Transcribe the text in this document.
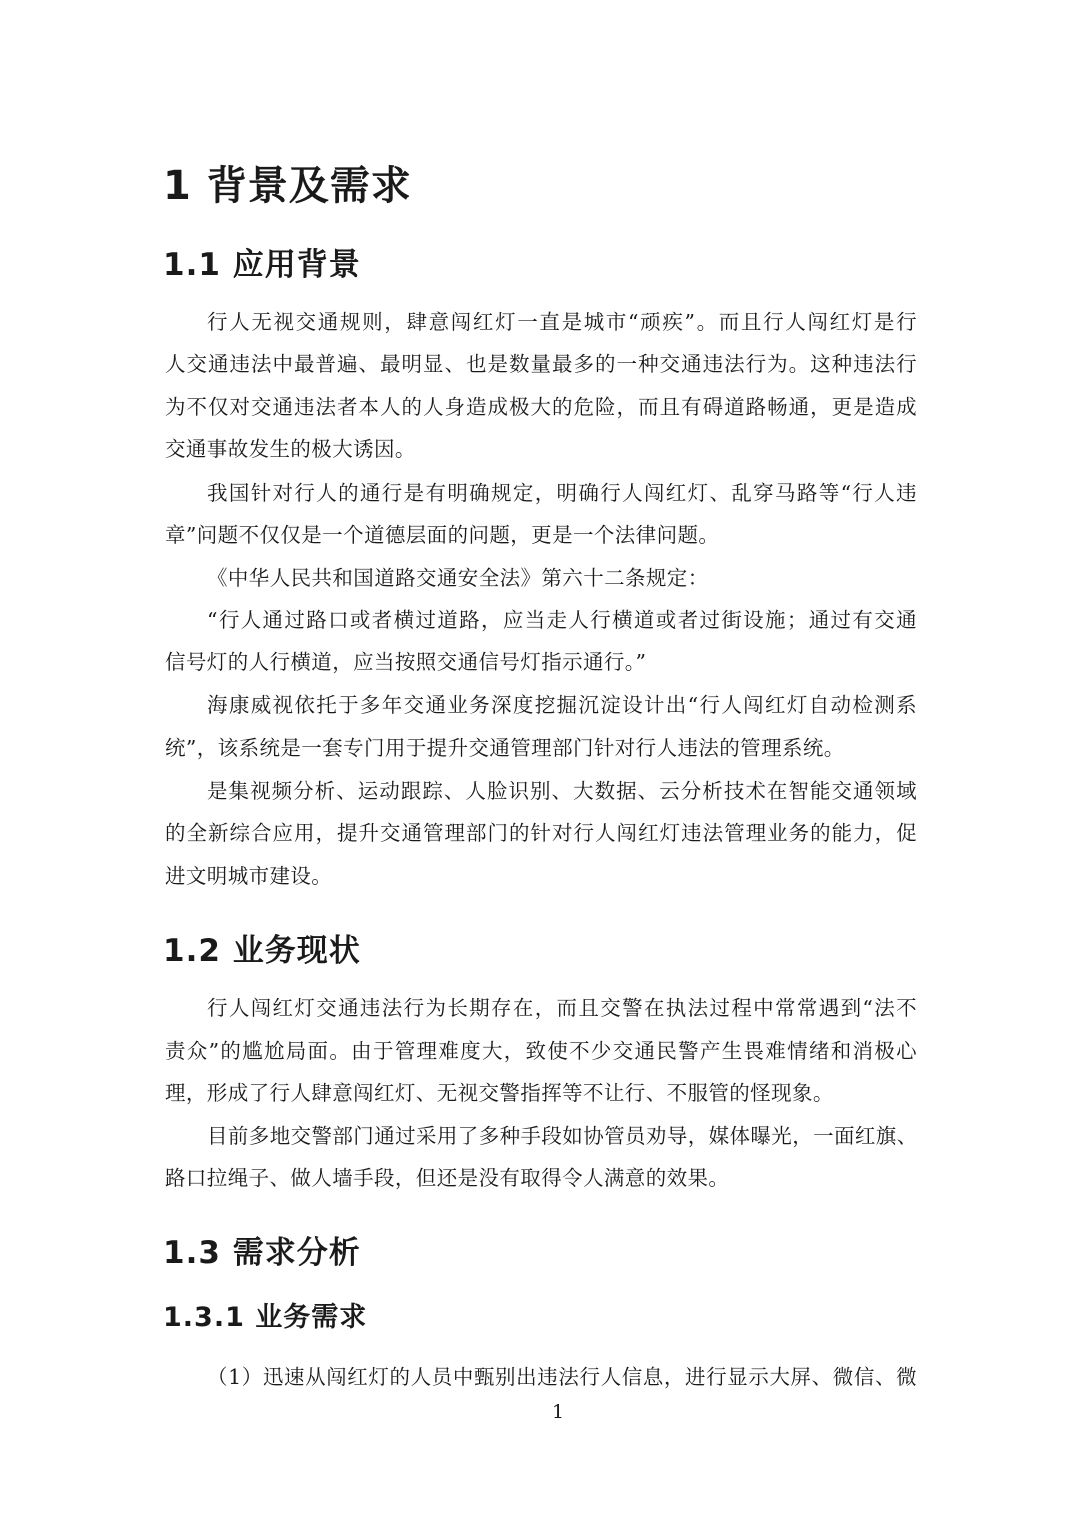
1 背景及需求
1.1 应用背景
行人无视交通规则，肆意闯红灯一直是城市“顽疾”。而且行人闯红灯是行
人交通违法中最普遍、最明显、也是数量最多的一种交通违法行为。这种违法行
为不仅对交通违法者本人的人身造成极大的危险，而且有碍道路畅通，更是造成
交通事故发生的极大诱因。
我国针对行人的通行是有明确规定，明确行人闯红灯、乱穿马路等“行人违
章”问题不仅仅是一个道德层面的问题，更是一个法律问题。
《中华人民共和国道路交通安全法》第六十二条规定：
“行人通过路口或者横过道路，应当走人行横道或者过街设施；通过有交通
信号灯的人行横道，应当按照交通信号灯指示通行。”
海康威视依托于多年交通业务深度挖掘沉淀设计出“行人闯红灯自动检测系
统”，该系统是一套专门用于提升交通管理部门针对行人违法的管理系统。
是集视频分析、运动跟踪、人脸识别、大数据、云分析技术在智能交通领域
的全新综合应用，提升交通管理部门的针对行人闯红灯违法管理业务的能力，促
进文明城市建设。
1.2 业务现状
行人闯红灯交通违法行为长期存在，而且交警在执法过程中常常遇到“法不
责众”的尴尬局面。由于管理难度大，致使不少交通民警产生畏难情绪和消极心
理，形成了行人肆意闯红灯、无视交警指挥等不让行、不服管的怪现象。
目前多地交警部门通过采用了多种手段如协管员劝导，媒体曝光，一面红旗、
路口拉绳子、做人墙手段，但还是没有取得令人满意的效果。
1.3 需求分析
1.3.1 业务需求
（1）迅速从闯红灯的人员中甄别出违法行人信息，进行显示大屏、微信、微
1
